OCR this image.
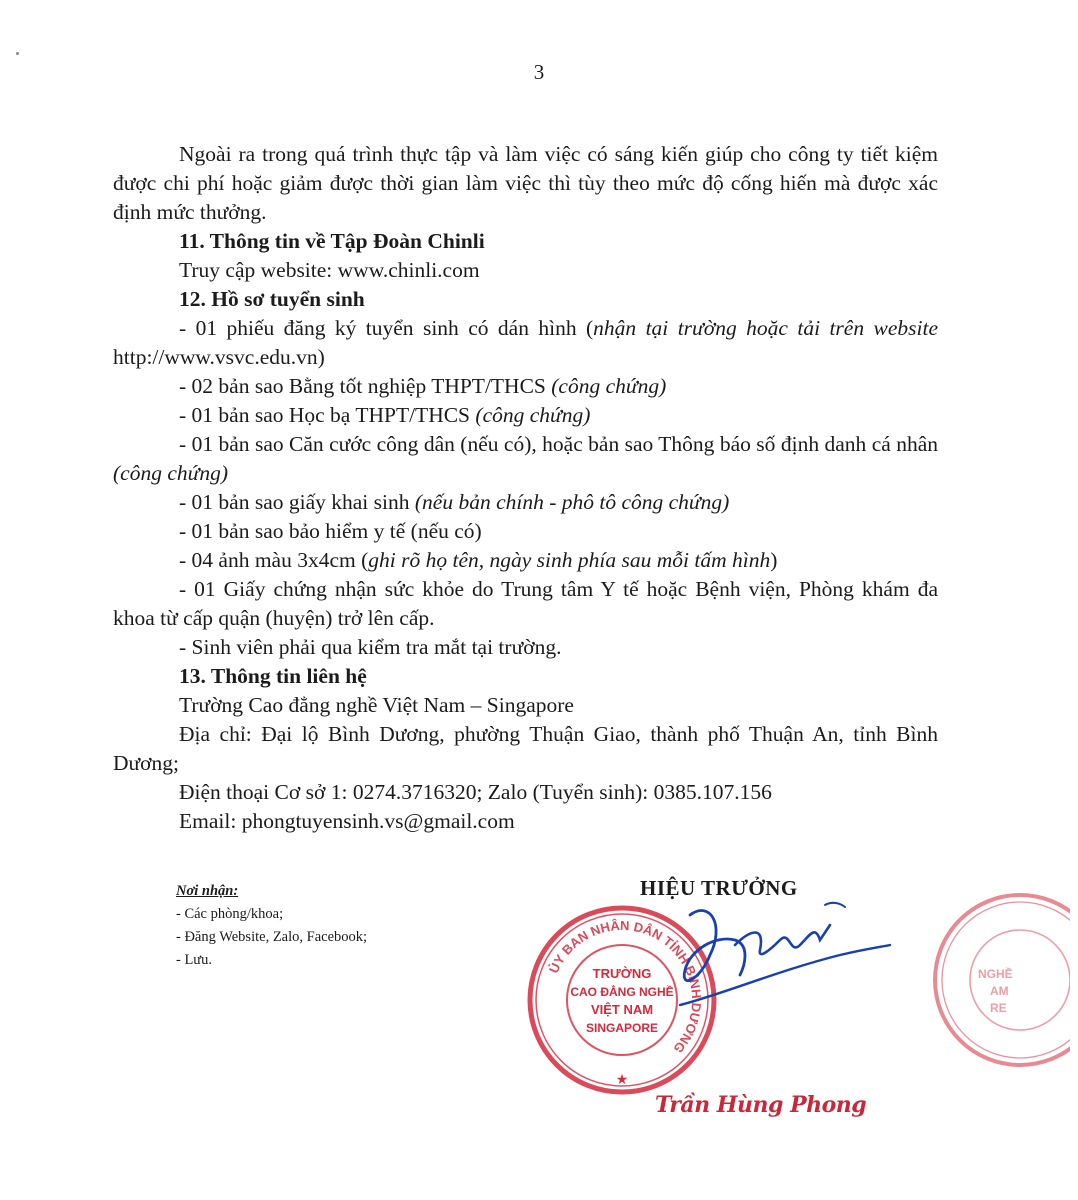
3

Ngoài ra trong quá trình thực tập và làm việc có sáng kiến giúp cho công ty tiết kiệm được chi phí hoặc giảm được thời gian làm việc thì tùy theo mức độ cống hiến mà được xác định mức thưởng.

11. Thông tin về Tập Đoàn Chinli

Truy cập website: www.chinli.com

12. Hồ sơ tuyển sinh

- 01 phiếu đăng ký tuyển sinh có dán hình (nhận tại trường hoặc tải trên website http://www.vsvc.edu.vn)

- 02 bản sao Bằng tốt nghiệp THPT/THCS (công chứng)

- 01 bản sao Học bạ THPT/THCS (công chứng)

- 01 bản sao Căn cước công dân (nếu có), hoặc bản sao Thông báo số định danh cá nhân (công chứng)

- 01 bản sao giấy khai sinh (nếu bản chính - phô tô công chứng)

- 01 bản sao bảo hiểm y tế (nếu có)

- 04 ảnh màu 3x4cm (ghi rõ họ tên, ngày sinh phía sau mỗi tấm hình)

- 01 Giấy chứng nhận sức khỏe do Trung tâm Y tế hoặc Bệnh viện, Phòng khám đa khoa từ cấp quận (huyện) trở lên cấp.

- Sinh viên phải qua kiểm tra mắt tại trường.

13. Thông tin liên hệ

Trường Cao đẳng nghề Việt Nam – Singapore

Địa chỉ: Đại lộ Bình Dương, phường Thuận Giao, thành phố Thuận An, tỉnh Bình Dương;

Điện thoại Cơ sở 1: 0274.3716320; Zalo (Tuyển sinh): 0385.107.156

Email: phongtuyensinh.vs@gmail.com

Nơi nhận:
- Các phòng/khoa;
- Đăng Website, Zalo, Facebook;
- Lưu.
HIỆU TRƯỞNG
ỦY BAN NHÂN DÂN TỈNH BÌNH DƯƠNG
TRƯỜNG
CAO ĐẲNG NGHỀ
VIỆT NAM
SINGAPORE
★
NGHỀ
AM
RE
Trần Hùng Phong
